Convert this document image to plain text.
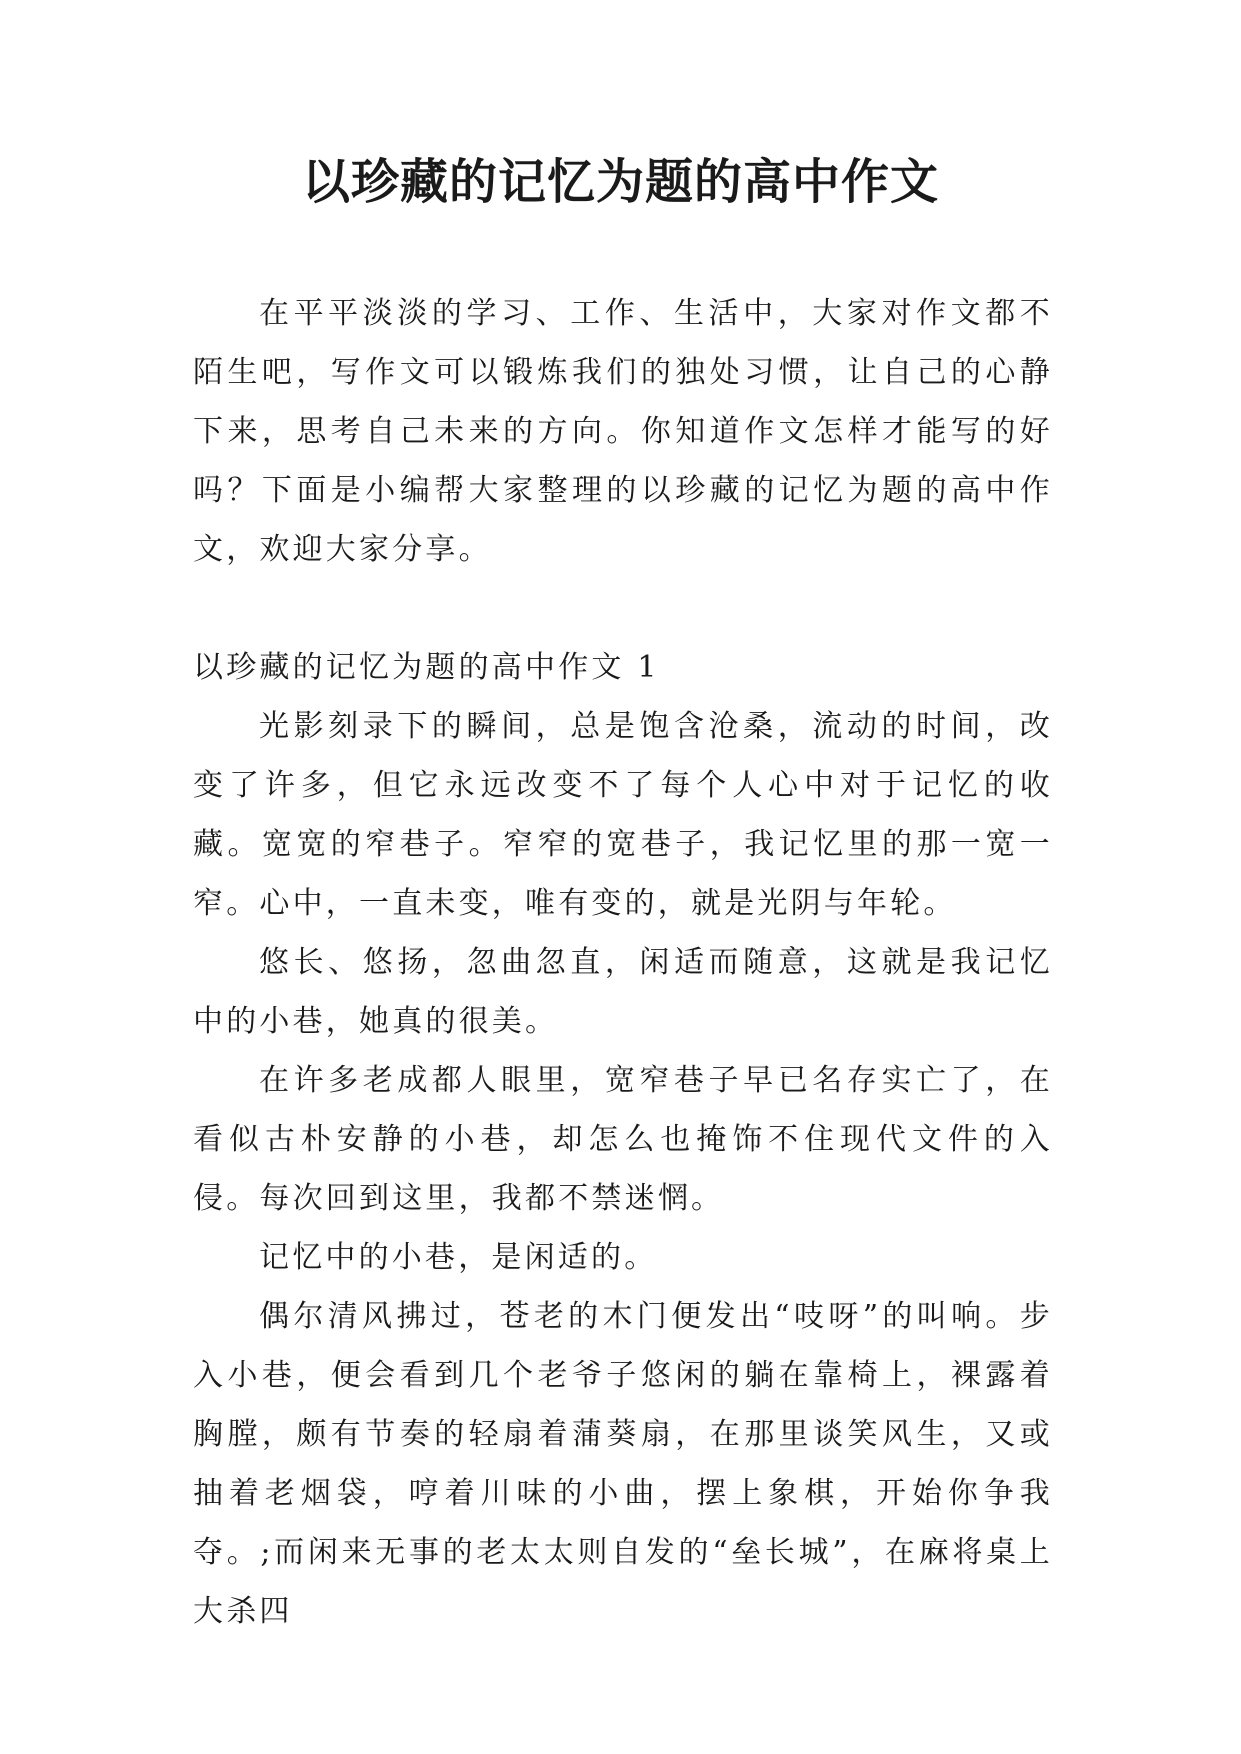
以珍藏的记忆为题的高中作文

在平平淡淡的学习、工作、生活中，大家对作文都不陌生吧，写作文可以锻炼我们的独处习惯，让自己的心静下来，思考自己未来的方向。你知道作文怎样才能写的好吗？下面是小编帮大家整理的以珍藏的记忆为题的高中作文，欢迎大家分享。

以珍藏的记忆为题的高中作文 1

光影刻录下的瞬间，总是饱含沧桑，流动的时间，改变了许多，但它永远改变不了每个人心中对于记忆的收藏。宽宽的窄巷子。窄窄的宽巷子，我记忆里的那一宽一窄。心中，一直未变，唯有变的，就是光阴与年轮。

悠长、悠扬，忽曲忽直，闲适而随意，这就是我记忆中的小巷，她真的很美。

在许多老成都人眼里，宽窄巷子早已名存实亡了，在看似古朴安静的小巷，却怎么也掩饰不住现代文件的入侵。每次回到这里，我都不禁迷惘。

记忆中的小巷，是闲适的。

偶尔清风拂过，苍老的木门便发出“吱呀”的叫响。步入小巷，便会看到几个老爷子悠闲的躺在靠椅上，裸露着胸膛，颇有节奏的轻扇着蒲葵扇，在那里谈笑风生，又或抽着老烟袋，哼着川味的小曲，摆上象棋，开始你争我夺。;而闲来无事的老太太则自发的“垒长城”，在麻将桌上大杀四
